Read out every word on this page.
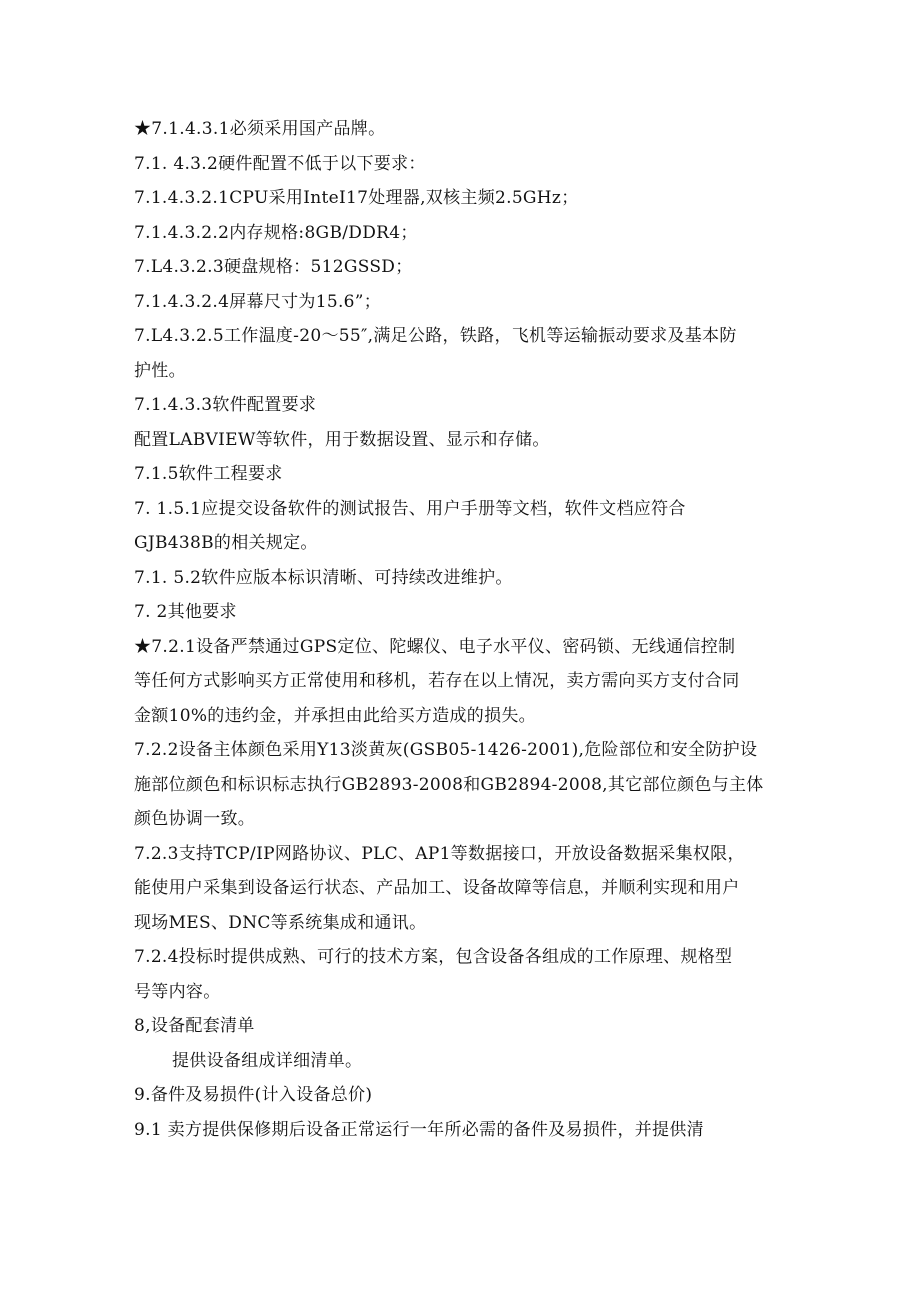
★7.1.4.3.1必须采用国产品牌。
7.1. 4.3.2硬件配置不低于以下要求：
7.1.4.3.2.1CPU采用InteI17处理器,双核主频2.5GHz；
7.1.4.3.2.2内存规格:8GB/DDR4；
7.L4.3.2.3硬盘规格：512GSSD；
7.1.4.3.2.4屏幕尺寸为15.6”；
7.L4.3.2.5工作温度-20～55″,满足公路，铁路，飞机等运输振动要求及基本防
护性。
7.1.4.3.3软件配置要求
配置LABVIEW等软件，用于数据设置、显示和存储。
7.1.5软件工程要求
7. 1.5.1应提交设备软件的测试报告、用户手册等文档，软件文档应符合
GJB438B的相关规定。
7.1. 5.2软件应版本标识清晰、可持续改进维护。
7. 2其他要求
★7.2.1设备严禁通过GPS定位、陀螺仪、电子水平仪、密码锁、无线通信控制
等任何方式影响买方正常使用和移机，若存在以上情况，卖方需向买方支付合同
金额10%的违约金，并承担由此给买方造成的损失。
7.2.2设备主体颜色采用Y13淡黄灰(GSB05-1426-2001),危险部位和安全防护设
施部位颜色和标识标志执行GB2893-2008和GB2894-2008,其它部位颜色与主体
颜色协调一致。
7.2.3支持TCP/IP网路协议、PLC、AP1等数据接口，开放设备数据采集权限，
能使用户采集到设备运行状态、产品加工、设备故障等信息，并顺利实现和用户
现场MES、DNC等系统集成和通讯。
7.2.4投标时提供成熟、可行的技术方案，包含设备各组成的工作原理、规格型
号等内容。
8,设备配套清单
提供设备组成详细清单。
9.备件及易损件(计入设备总价)
9.1 卖方提供保修期后设备正常运行一年所必需的备件及易损件，并提供清
